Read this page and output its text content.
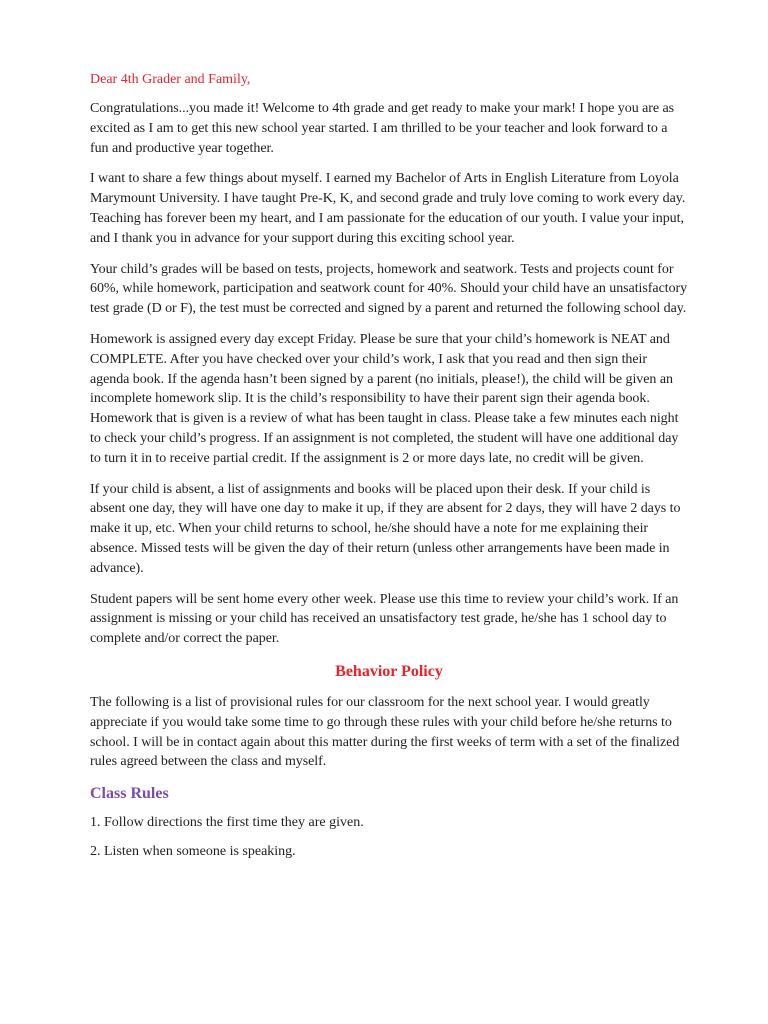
Dear 4th Grader and Family,

Congratulations...you made it! Welcome to 4th grade and get ready to make your mark! I hope you are as excited as I am to get this new school year started. I am thrilled to be your teacher and look forward to a fun and productive year together.

I want to share a few things about myself. I earned my Bachelor of Arts in English Literature from Loyola Marymount University. I have taught Pre-K, K, and second grade and truly love coming to work every day. Teaching has forever been my heart, and I am passionate for the education of our youth. I value your input, and I thank you in advance for your support during this exciting school year.

Your child’s grades will be based on tests, projects, homework and seatwork. Tests and projects count for 60%, while homework, participation and seatwork count for 40%. Should your child have an unsatisfactory test grade (D or F), the test must be corrected and signed by a parent and returned the following school day.

Homework is assigned every day except Friday. Please be sure that your child’s homework is NEAT and COMPLETE. After you have checked over your child’s work, I ask that you read and then sign their agenda book. If the agenda hasn’t been signed by a parent (no initials, please!), the child will be given an incomplete homework slip. It is the child’s responsibility to have their parent sign their agenda book. Homework that is given is a review of what has been taught in class. Please take a few minutes each night to check your child’s progress. If an assignment is not completed, the student will have one additional day to turn it in to receive partial credit. If the assignment is 2 or more days late, no credit will be given.

If your child is absent, a list of assignments and books will be placed upon their desk. If your child is absent one day, they will have one day to make it up, if they are absent for 2 days, they will have 2 days to make it up, etc. When your child returns to school, he/she should have a note for me explaining their absence. Missed tests will be given the day of their return (unless other arrangements have been made in advance).

Student papers will be sent home every other week. Please use this time to review your child’s work. If an assignment is missing or your child has received an unsatisfactory test grade, he/she has 1 school day to complete and/or correct the paper.

Behavior Policy

The following is a list of provisional rules for our classroom for the next school year. I would greatly appreciate if you would take some time to go through these rules with your child before he/she returns to school. I will be in contact again about this matter during the first weeks of term with a set of the finalized rules agreed between the class and myself.

Class Rules

1. Follow directions the first time they are given.

2. Listen when someone is speaking.
